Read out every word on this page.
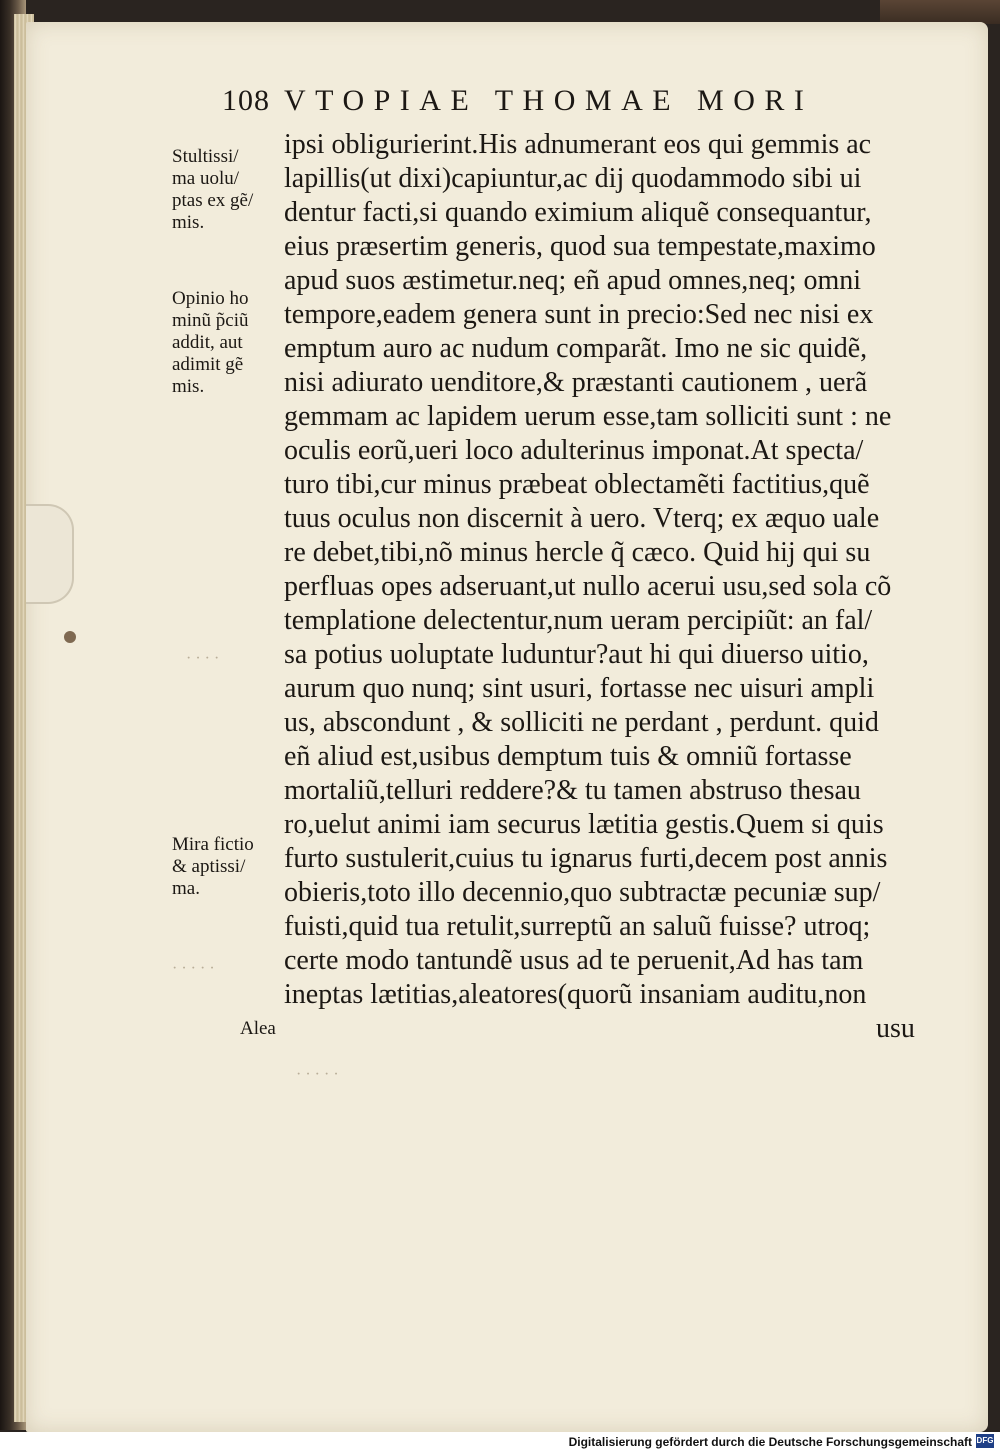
· · · ·
· · · · ·
· · · · ·
108 VTOPIAE THOMAE MORI
Stultissi/
ma uolu/
ptas ex gẽ/
mis.
Opinio ho
minũ p̃ciũ
addit, aut
adimit gẽ
mis.
Mira fictio
& aptissi/
ma.
Alea
ipsi obligurierint.His adnumerant eos qui gemmis ac
lapillis(ut dixi)capiuntur,ac dij quodammodo sibi ui
dentur facti,si quando eximium aliquẽ consequantur,
eius præsertim generis, quod sua tempestate,maximo
apud suos æstimetur.neq; eñ apud omnes,neq; omni
tempore,eadem genera sunt in precio:Sed nec nisi ex
emptum auro ac nudum comparãt. Imo ne sic quidẽ,
nisi adiurato uenditore,& præstanti cautionem , uerã
gemmam ac lapidem uerum esse,tam solliciti sunt : ne
oculis eorũ,ueri loco adulterinus imponat.At specta/
turo tibi,cur minus præbeat oblectamẽti factitius,quẽ
tuus oculus non discernit à uero. Vterq; ex æquo uale
re debet,tibi,nõ minus hercle q̃ cæco. Quid hij qui su
perfluas opes adseruant,ut nullo acerui usu,sed sola cõ
templatione delectentur,num ueram percipiũt: an fal/
sa potius uoluptate luduntur?aut hi qui diuerso uitio,
aurum quo nunq; sint usuri, fortasse nec uisuri ampli
us, abscondunt , & solliciti ne perdant , perdunt. quid
eñ aliud est,usibus demptum tuis & omniũ fortasse
mortaliũ,telluri reddere?& tu tamen abstruso thesau
ro,uelut animi iam securus lætitia gestis.Quem si quis
furto sustulerit,cuius tu ignarus furti,decem post annis
obieris,toto illo decennio,quo subtractæ pecuniæ sup/
fuisti,quid tua retulit,surreptũ an saluũ fuisse? utroq;
certe modo tantundẽ usus ad te peruenit,Ad has tam
ineptas lætitias,aleatores(quorũ insaniam auditu,non
usu
Digitalisierung gefördert durch die Deutsche Forschungsgemeinschaft DFG
